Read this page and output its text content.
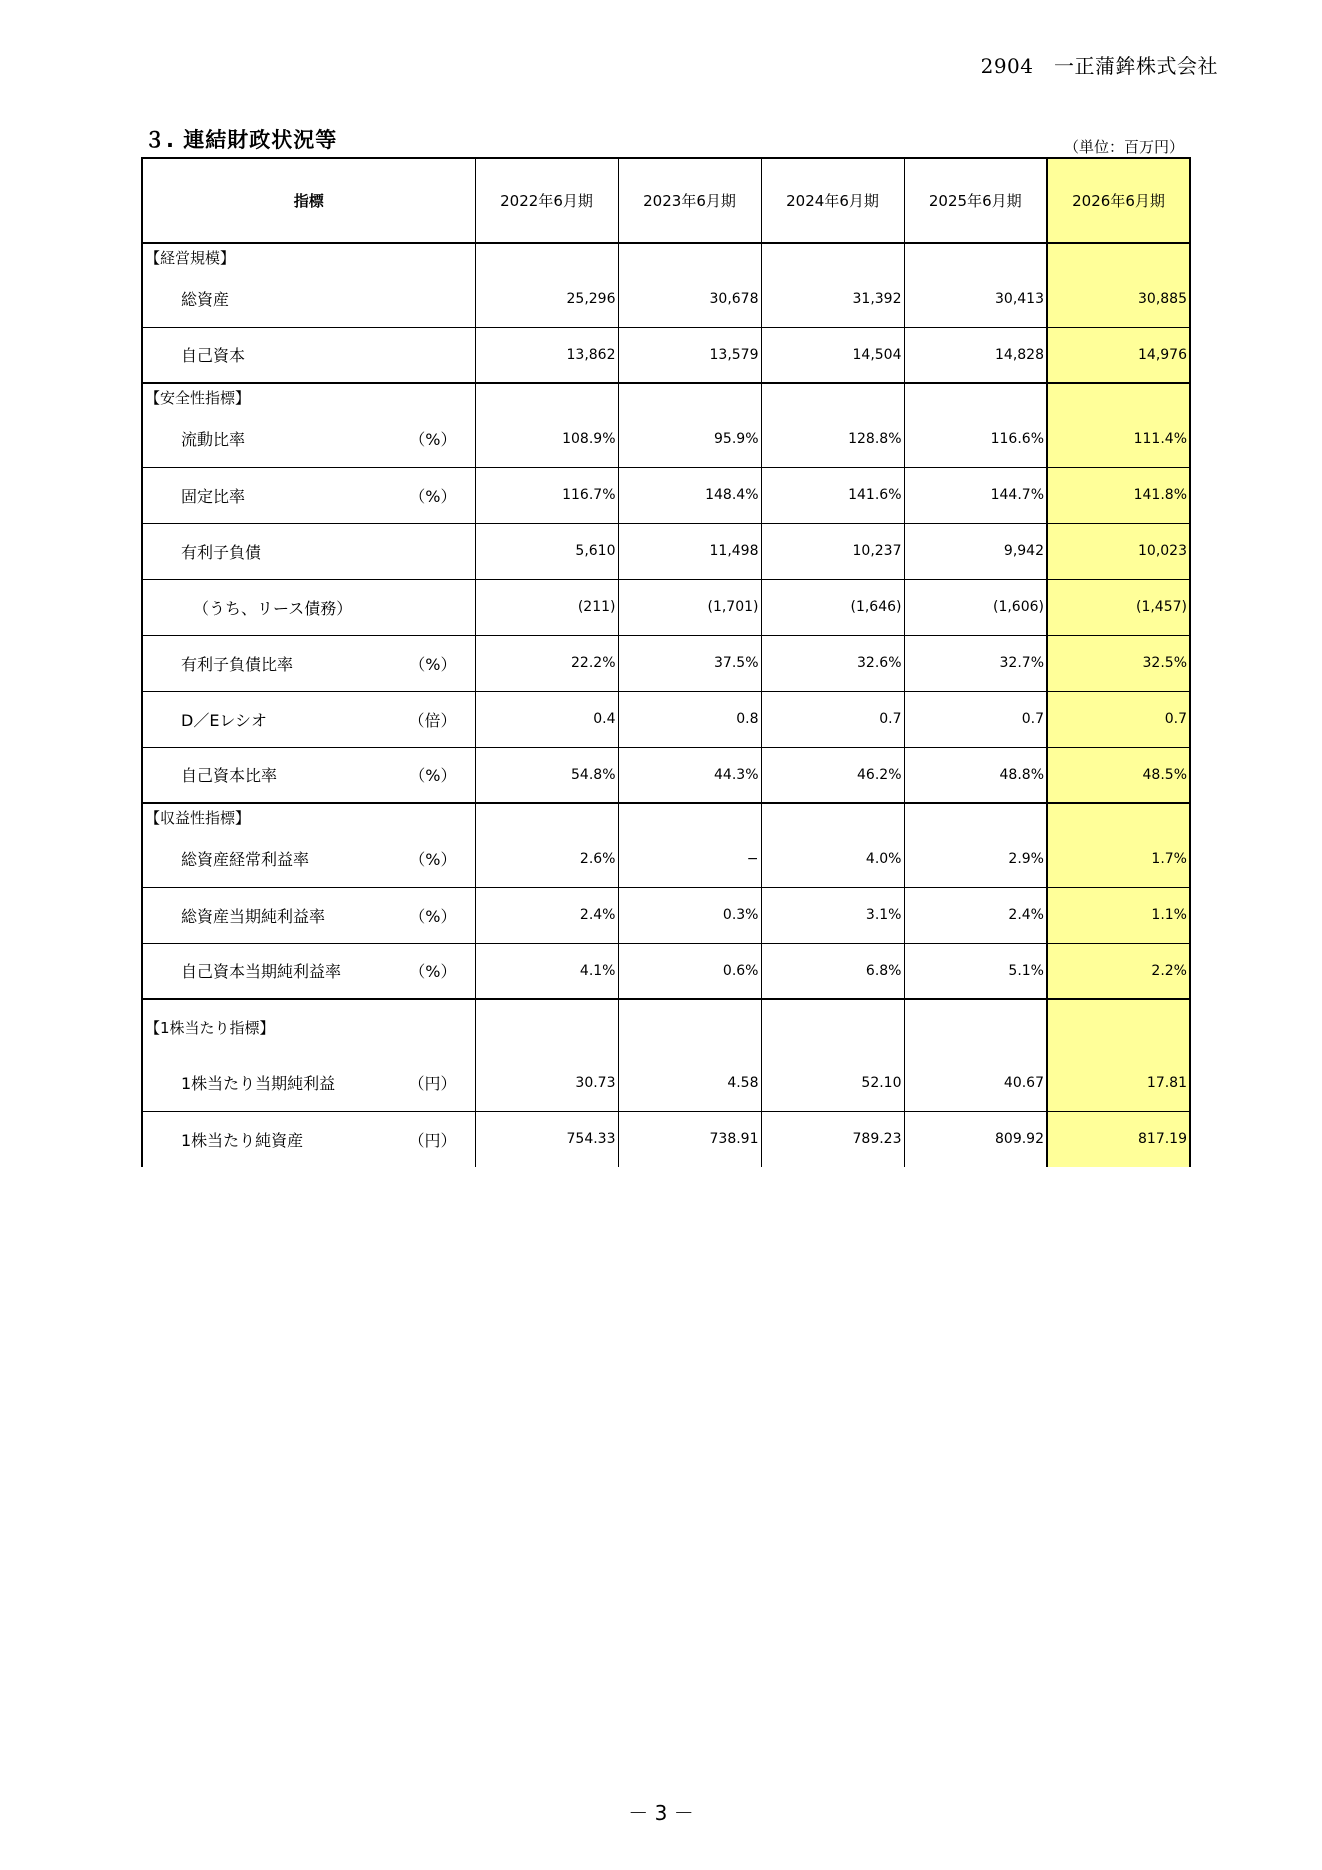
2904　一正蒲鉾株式会社
３. 連結財政状況等	（単位：百万円）
指標	2022年6月期	2023年6月期	2024年6月期	2025年6月期	2026年6月期
【経営規模】					

総資産	25,296	30,678	31,392	30,413	30,885

自己資本	13,862	13,579	14,504	14,828	14,976
【安全性指標】					

流動比率 （%）	108.9%	95.9%	128.8%	116.6%	111.4%

固定比率 （%）	116.7%	148.4%	141.6%	144.7%	141.8%

有利子負債	5,610	11,498	10,237	9,942	10,023

（うち、リース債務）	(211)	(1,701)	(1,646)	(1,606)	(1,457)

有利子負債比率 （%）	22.2%	37.5%	32.6%	32.7%	32.5%

D／Eレシオ （倍）	0.4	0.8	0.7	0.7	0.7

自己資本比率 （%）	54.8%	44.3%	46.2%	48.8%	48.5%
【収益性指標】					

総資産経常利益率 （%）	2.6%	−	4.0%	2.9%	1.7%

総資産当期純利益率 （%）	2.4%	0.3%	3.1%	2.4%	1.1%

自己資本当期純利益率 （%）	4.1%	0.6%	6.8%	5.1%	2.2%
【1株当たり指標】					

1株当たり当期純利益 （円）	30.73	4.58	52.10	40.67	17.81

1株当たり純資産 （円）	754.33	738.91	789.23	809.92	817.19
－ 3 －
